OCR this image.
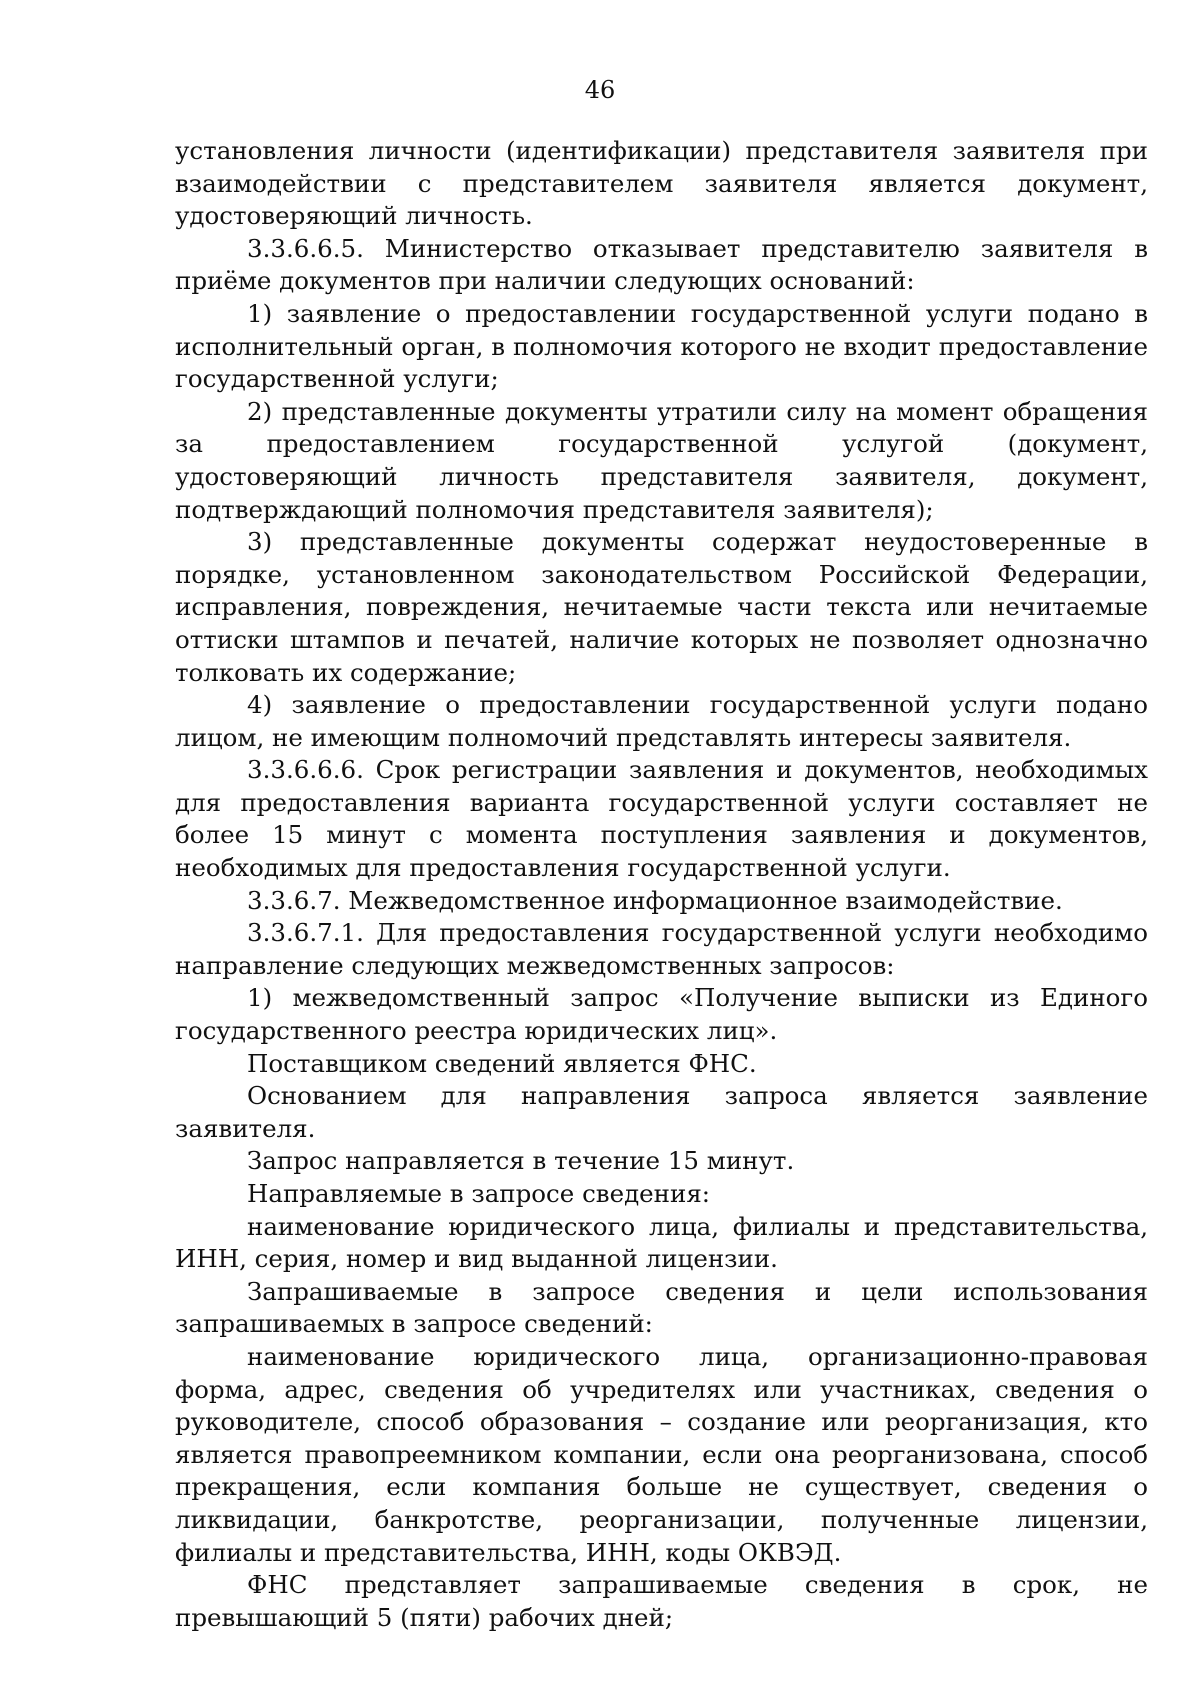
46

установления личности (идентификации) представителя заявителя при взаимодействии с представителем заявителя является документ, удостоверяющий личность.

3.3.6.6.5. Министерство отказывает представителю заявителя в приёме документов при наличии следующих оснований:

1) заявление о предоставлении государственной услуги подано в исполнительный орган, в полномочия которого не входит предоставление государственной услуги;

2) представленные документы утратили силу на момент обращения за предоставлением государственной услугой (документ, удостоверяющий личность представителя заявителя, документ, подтверждающий полномочия представителя заявителя);

3) представленные документы содержат неудостоверенные в порядке, установленном законодательством Российской Федерации, исправления, повреждения, нечитаемые части текста или нечитаемые оттиски штампов и печатей, наличие которых не позволяет однозначно толковать их содержание;

4) заявление о предоставлении государственной услуги подано лицом, не имеющим полномочий представлять интересы заявителя.

3.3.6.6.6. Срок регистрации заявления и документов, необходимых для предоставления варианта государственной услуги составляет не более 15 минут с момента поступления заявления и документов, необходимых для предоставления государственной услуги.

3.3.6.7. Межведомственное информационное взаимодействие.

3.3.6.7.1. Для предоставления государственной услуги необходимо направление следующих межведомственных запросов:

1) межведомственный запрос «Получение выписки из Единого государственного реестра юридических лиц».

Поставщиком сведений является ФНС.

Основанием для направления запроса является заявление заявителя.

Запрос направляется в течение 15 минут.

Направляемые в запросе сведения:

наименование юридического лица, филиалы и представительства, ИНН, серия, номер и вид выданной лицензии.

Запрашиваемые в запросе сведения и цели использования запрашиваемых в запросе сведений:

наименование юридического лица, организационно-правовая форма, адрес, сведения об учредителях или участниках, сведения о руководителе, способ образования – создание или реорганизация, кто является правопреемником компании, если она реорганизована, способ прекращения, если компания больше не существует, сведения о ликвидации, банкротстве, реорганизации, полученные лицензии, филиалы и представительства, ИНН, коды ОКВЭД.

ФНС представляет запрашиваемые сведения в срок, не превышающий 5 (пяти) рабочих дней;
